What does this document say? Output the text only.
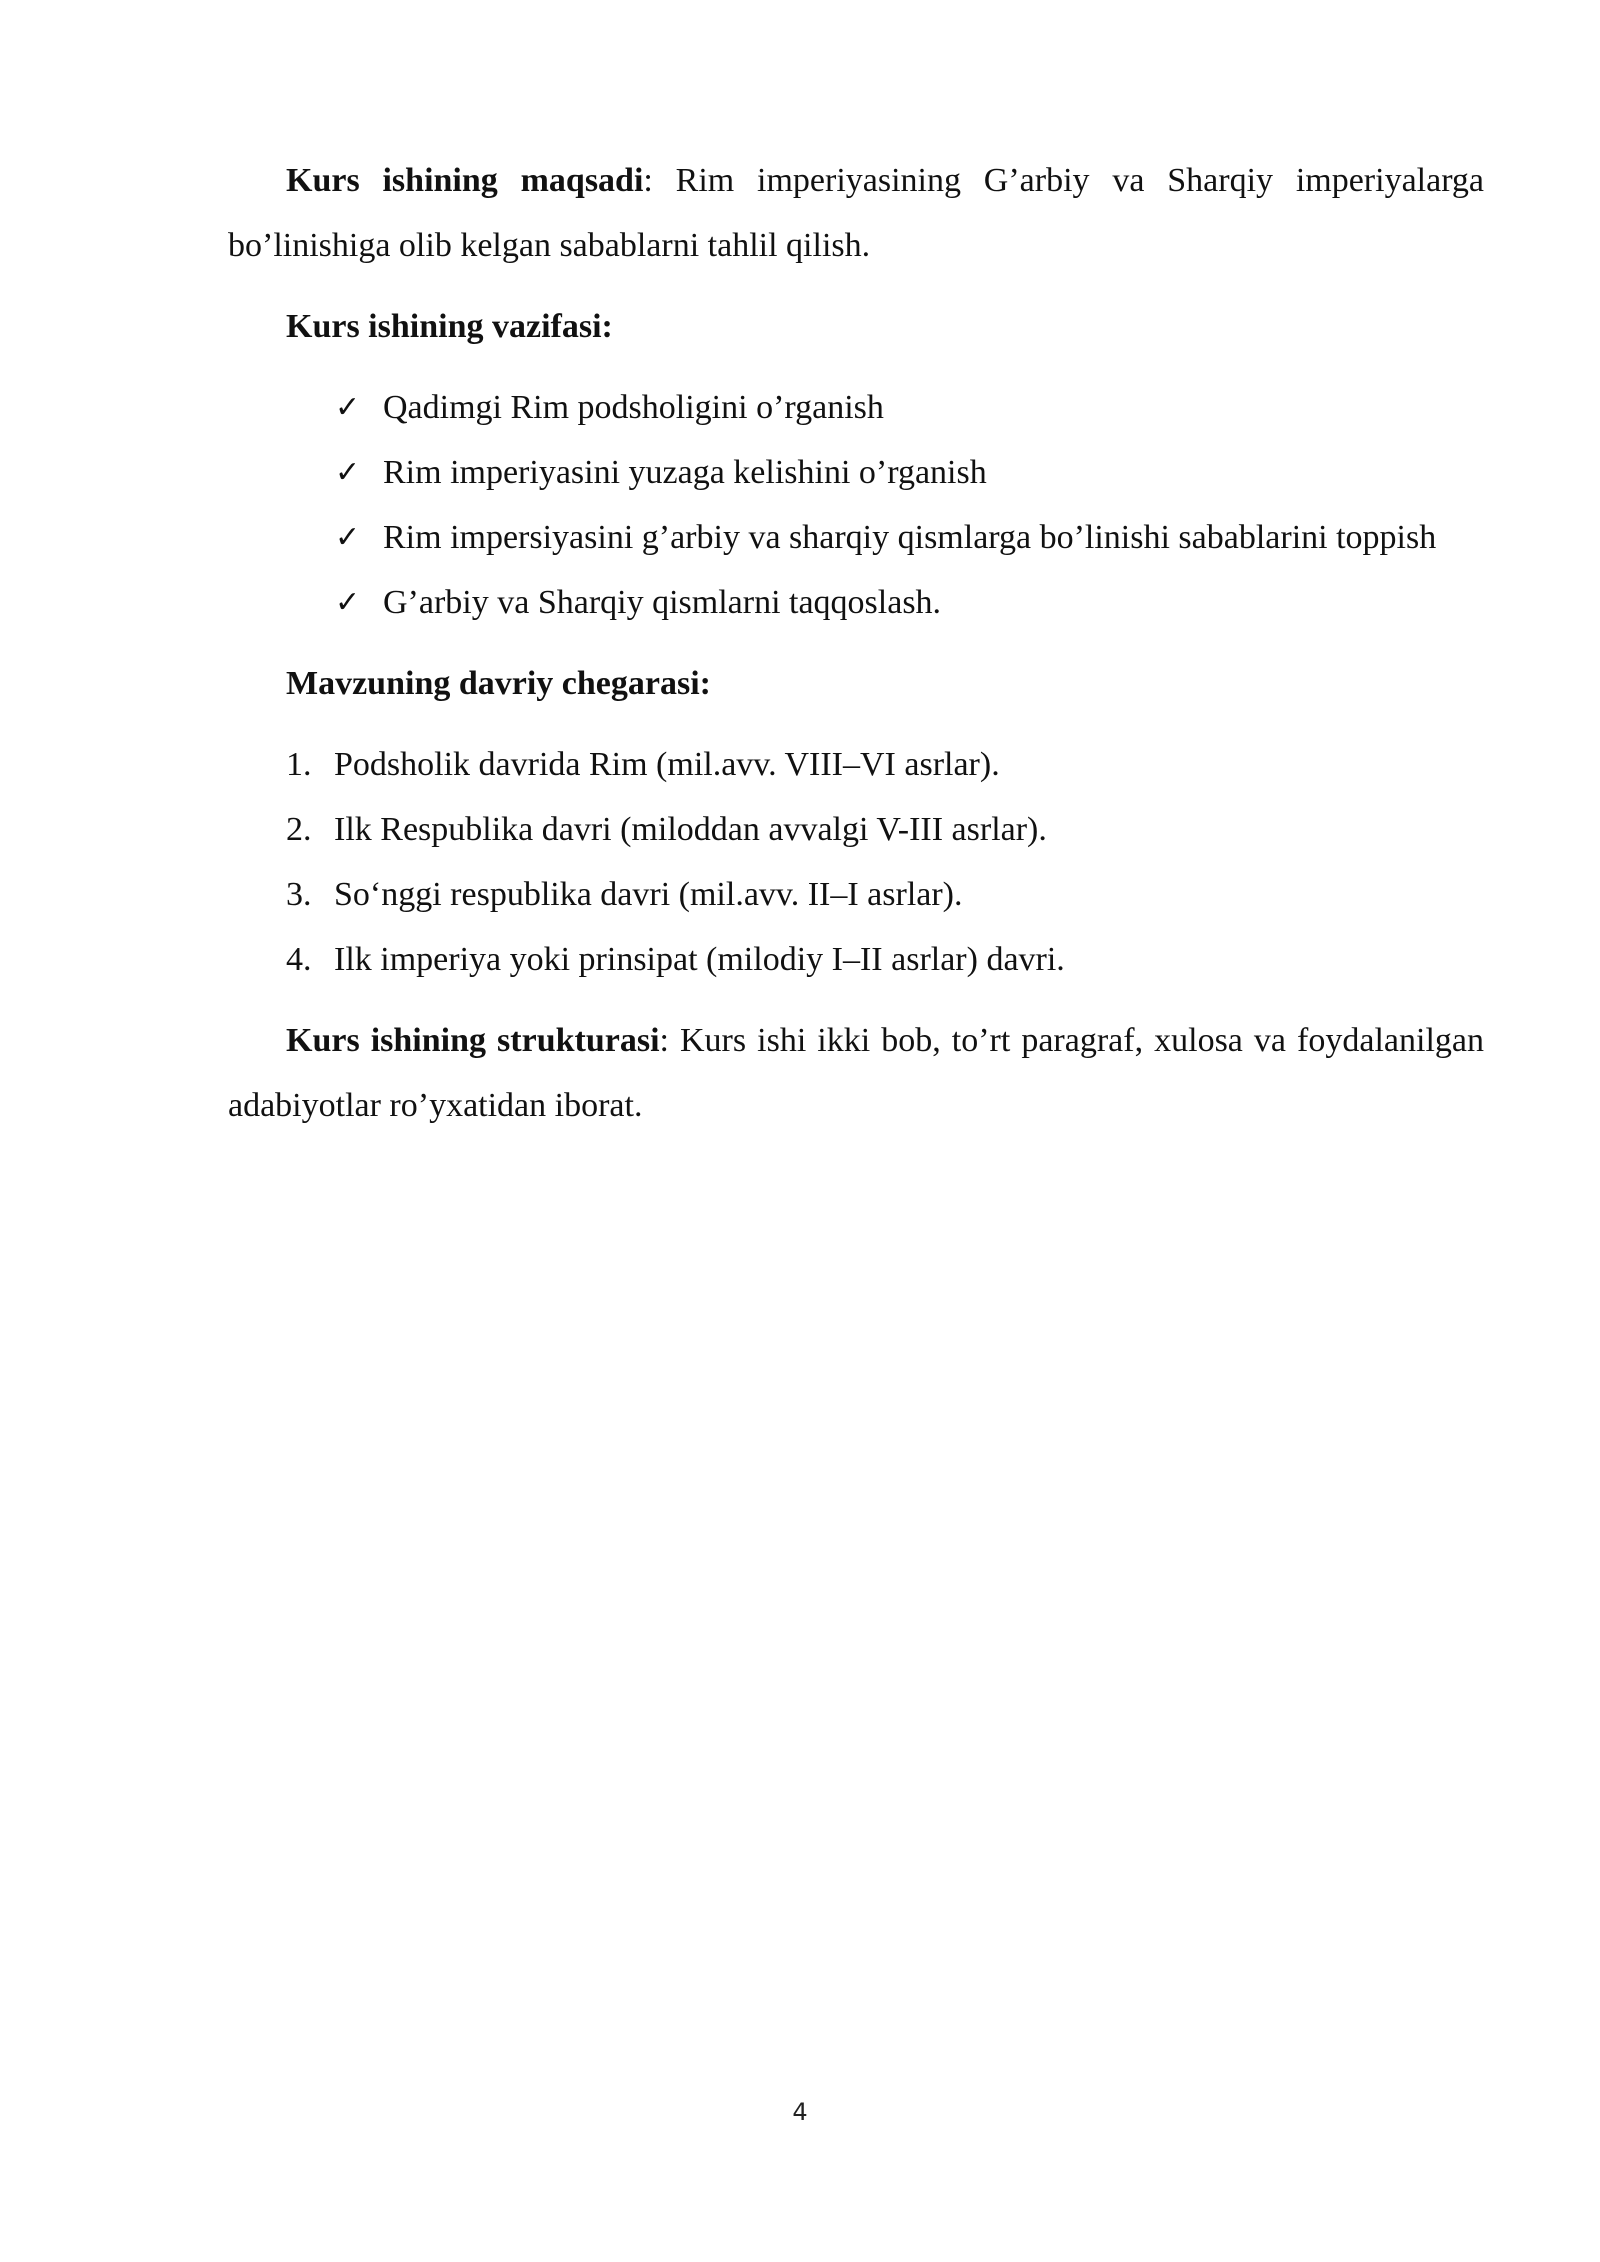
Kurs ishining maqsadi: Rim imperiyasining G’arbiy va Sharqiy imperiyalarga bo’linishiga olib kelgan sabablarni tahlil qilish.

Kurs ishining vazifasi:

✓ Qadimgi Rim podsholigini o’rganish
✓ Rim imperiyasini yuzaga kelishini o’rganish
✓ Rim impersiyasini g’arbiy va sharqiy qismlarga bo’linishi sabablarini toppish
✓ G’arbiy va Sharqiy qismlarni taqqoslash.

Mavzuning davriy chegarasi:

1. Podsholik davrida Rim (mil.avv. VIII–VI asrlar).
2. Ilk Respublika davri (miloddan avvalgi V-III asrlar).
3. So‘nggi respublika davri (mil.avv. II–I asrlar).
4. Ilk imperiya yoki prinsipat (milodiy I–II asrlar) davri.

Kurs ishining strukturasi: Kurs ishi ikki bob, to’rt paragraf, xulosa va foydalanilgan adabiyotlar ro’yxatidan iborat.

4
